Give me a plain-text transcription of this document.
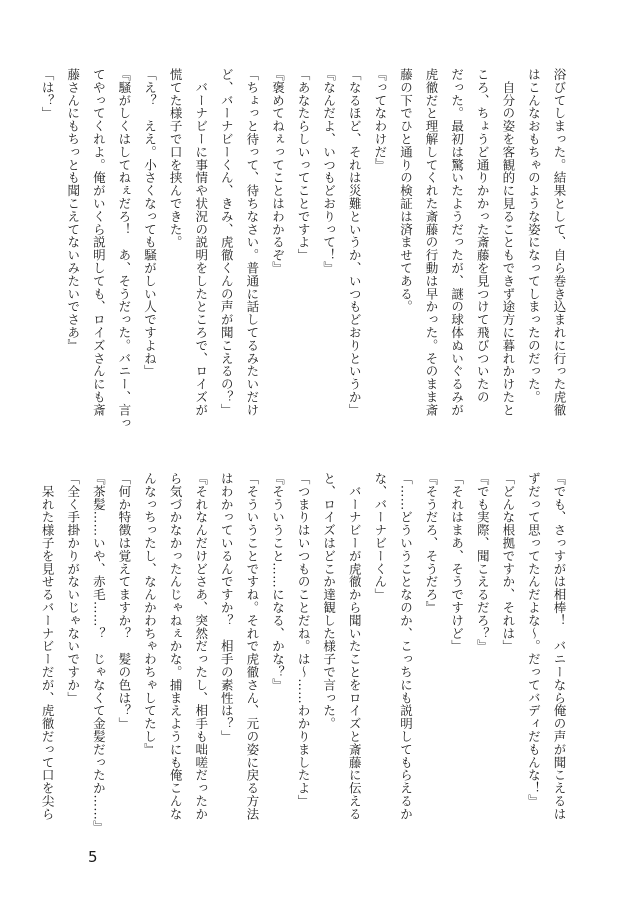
浴びてしまった。結果として、自ら巻き込まれに行った虎徹
はこんなおもちゃのような姿になってしまったのだった。
　自分の姿を客観的に見ることもできず途方に暮れかけたと
ころ、ちょうど通りかかった斎藤を見つけて飛びついたの
だった。最初は驚いたようだったが、謎の球体ぬいぐるみが
虎徹だと理解してくれた斎藤の行動は早かった。そのまま斎
藤の下でひと通りの検証は済ませてある。
『ってなわけだ』
「なるほど、それは災難というか、いつもどおりというか」
『なんだよ、いつもどおりって！』
「あなたらしいってことですよ」
『褒めてねぇってことはわかるぞ』
「ちょっと待って、待ちなさい。普通に話してるみたいだけ
ど、バーナビーくん、きみ、虎徹くんの声が聞こえるの？」
　バーナビーに事情や状況の説明をしたところで、ロイズが
慌てた様子で口を挟んできた。
「え？　ええ。小さくなっても騒がしい人ですよね」
『騒がしくはしてねぇだろ！　あ、そうだった。バニー、言っ
てやってくれよ。俺がいくら説明しても、ロイズさんにも斎
藤さんにもちっとも聞こえてないみたいでさあ』
「は？」
『でも、さっすがは相棒！　バニーなら俺の声が聞こえるは
ずだって思ってたんだよな〜。だってバディだもんな！』
「どんな根拠ですか、それは」
『でも実際、聞こえるだろ？』
「それはまあ、そうですけど」
『そうだろ、そうだろ』
「……どういうことなのか、こっちにも説明してもらえるか
な、バーナビーくん」
　バーナビーが虎徹から聞いたことをロイズと斎藤に伝える
と、ロイズはどこか達観した様子で言った。
「つまりはいつものことだね。は〜……わかりましたよ」
『そういうこと……になる、かな？』
「そういうことですね。それで虎徹さん、元の姿に戻る方法
はわかっているんですか？　相手の素性は？」
『それなんだけどさあ、突然だったし、相手も咄嗟だったか
ら気づかなかったんじゃねぇかな。捕まえようにも俺こんな
んなっちったし、なんかわちゃわちゃしてたし』
「何か特徴は覚えてますか？　髪の色は？」
『茶髪……いや、赤毛……？　じゃなくて金髪だったか……』
「全く手掛かりがないじゃないですか」
　呆れた様子を見せるバーナビーだが、虎徹だって口を尖ら
5
